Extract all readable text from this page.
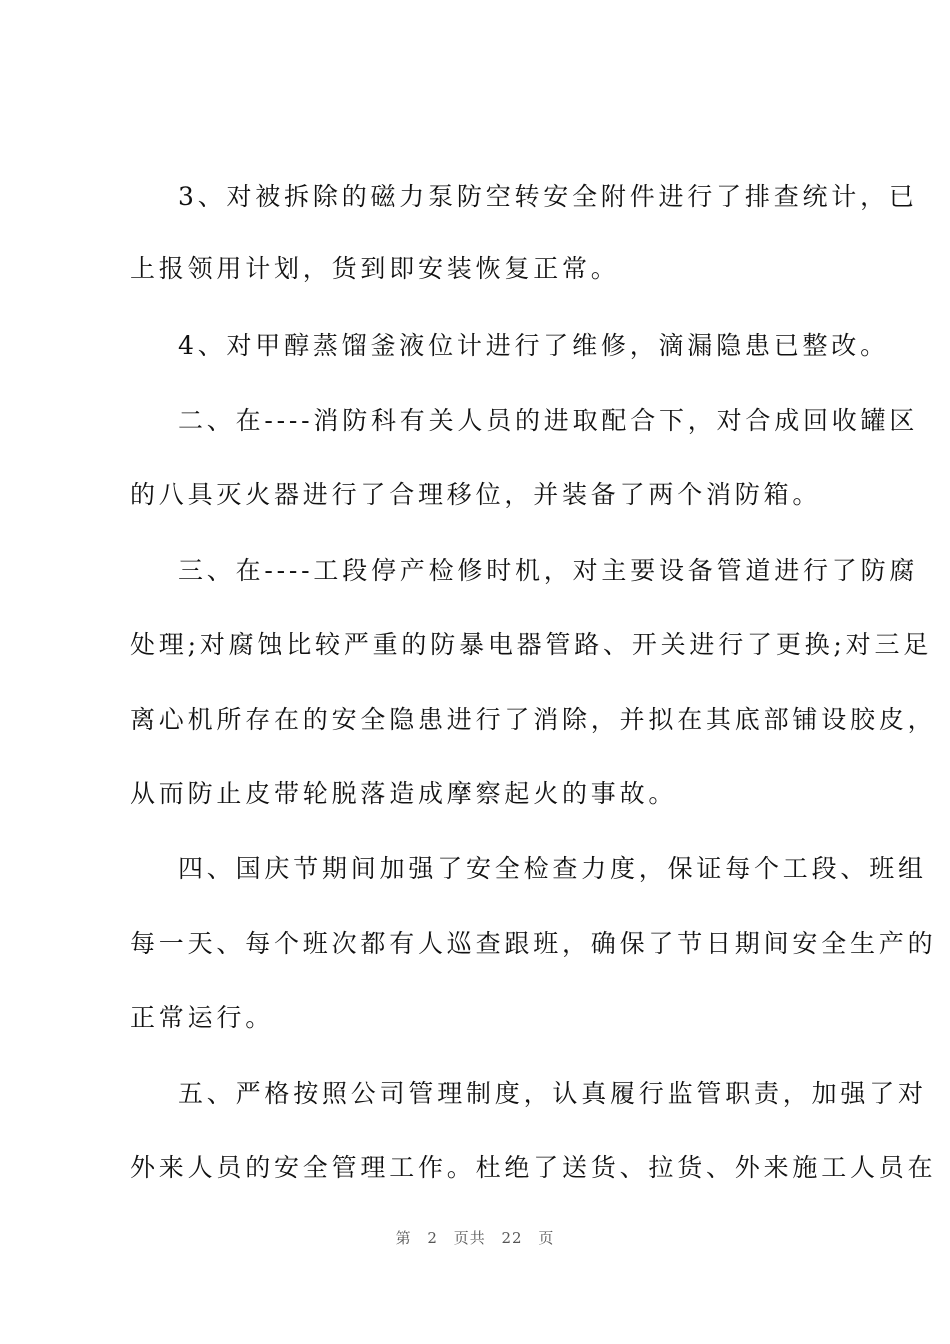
3、对被拆除的磁力泵防空转安全附件进行了排查统计，已
上报领用计划，货到即安装恢复正常。
4、对甲醇蒸馏釜液位计进行了维修，滴漏隐患已整改。
二、在----消防科有关人员的进取配合下，对合成回收罐区
的八具灭火器进行了合理移位，并装备了两个消防箱。
三、在----工段停产检修时机，对主要设备管道进行了防腐
处理;对腐蚀比较严重的防暴电器管路、开关进行了更换;对三足
离心机所存在的安全隐患进行了消除，并拟在其底部铺设胶皮，
从而防止皮带轮脱落造成摩察起火的事故。
四、国庆节期间加强了安全检查力度，保证每个工段、班组
每一天、每个班次都有人巡查跟班，确保了节日期间安全生产的
正常运行。
五、严格按照公司管理制度，认真履行监管职责，加强了对
外来人员的安全管理工作。杜绝了送货、拉货、外来施工人员在
第 2 页共 22 页
